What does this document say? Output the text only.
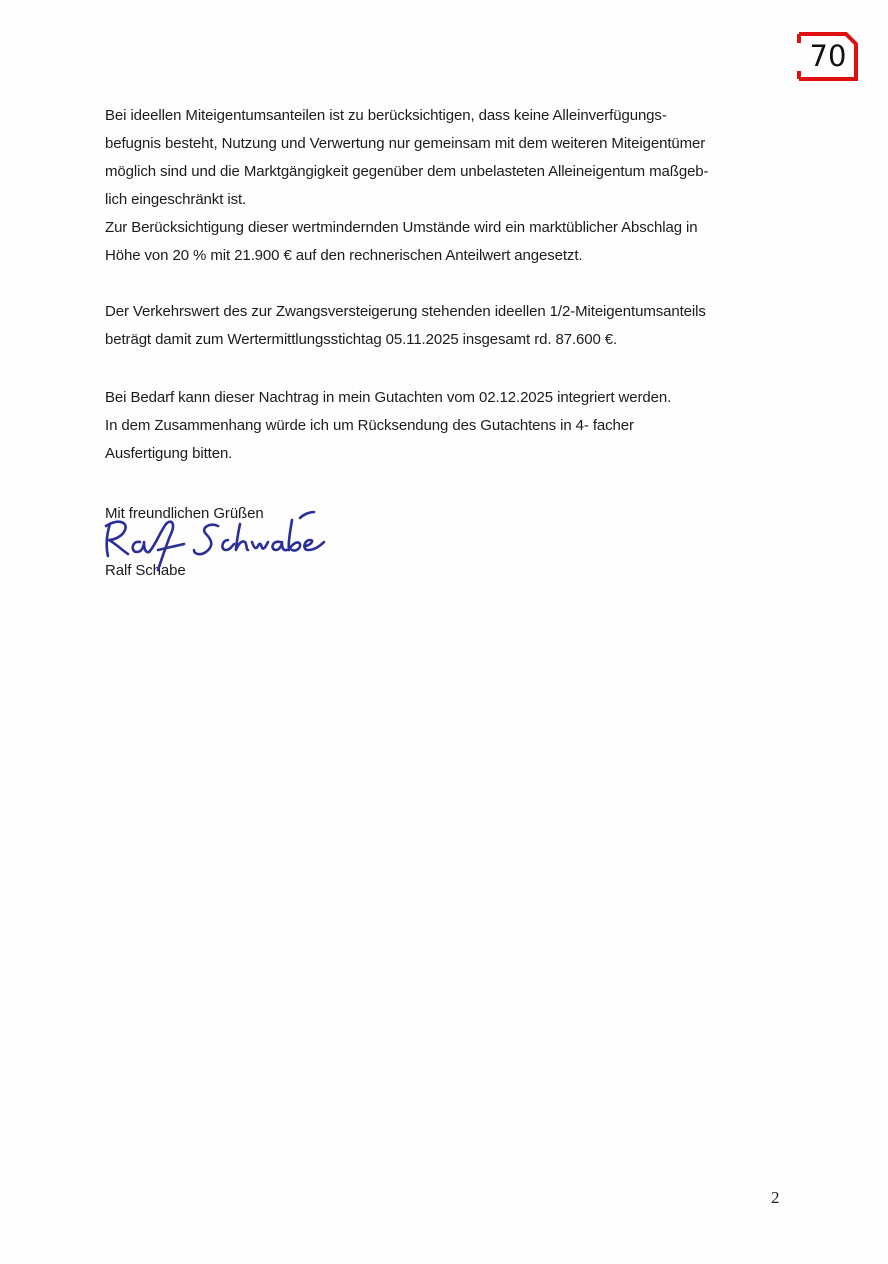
70
Bei ideellen Miteigentumsanteilen ist zu berücksichtigen, dass keine Alleinverfügungs-
befugnis besteht, Nutzung und Verwertung nur gemeinsam mit dem weiteren Miteigentümer
möglich sind und die Marktgängigkeit gegenüber dem unbelasteten Alleineigentum maßgeb-
lich eingeschränkt ist.
Zur Berücksichtigung dieser wertmindernden Umstände wird ein marktüblicher Abschlag in
Höhe von 20 % mit 21.900 € auf den rechnerischen Anteilwert angesetzt.
Der Verkehrswert des zur Zwangsversteigerung stehenden ideellen 1/2-Miteigentumsanteils
beträgt damit zum Wertermittlungsstichtag 05.11.2025 insgesamt rd. 87.600 €.
Bei Bedarf kann dieser Nachtrag in mein Gutachten vom 02.12.2025 integriert werden.
In dem Zusammenhang würde ich um Rücksendung des Gutachtens in 4- facher
Ausfertigung bitten.
Mit freundlichen Grüßen
Ralf Schabe
2
